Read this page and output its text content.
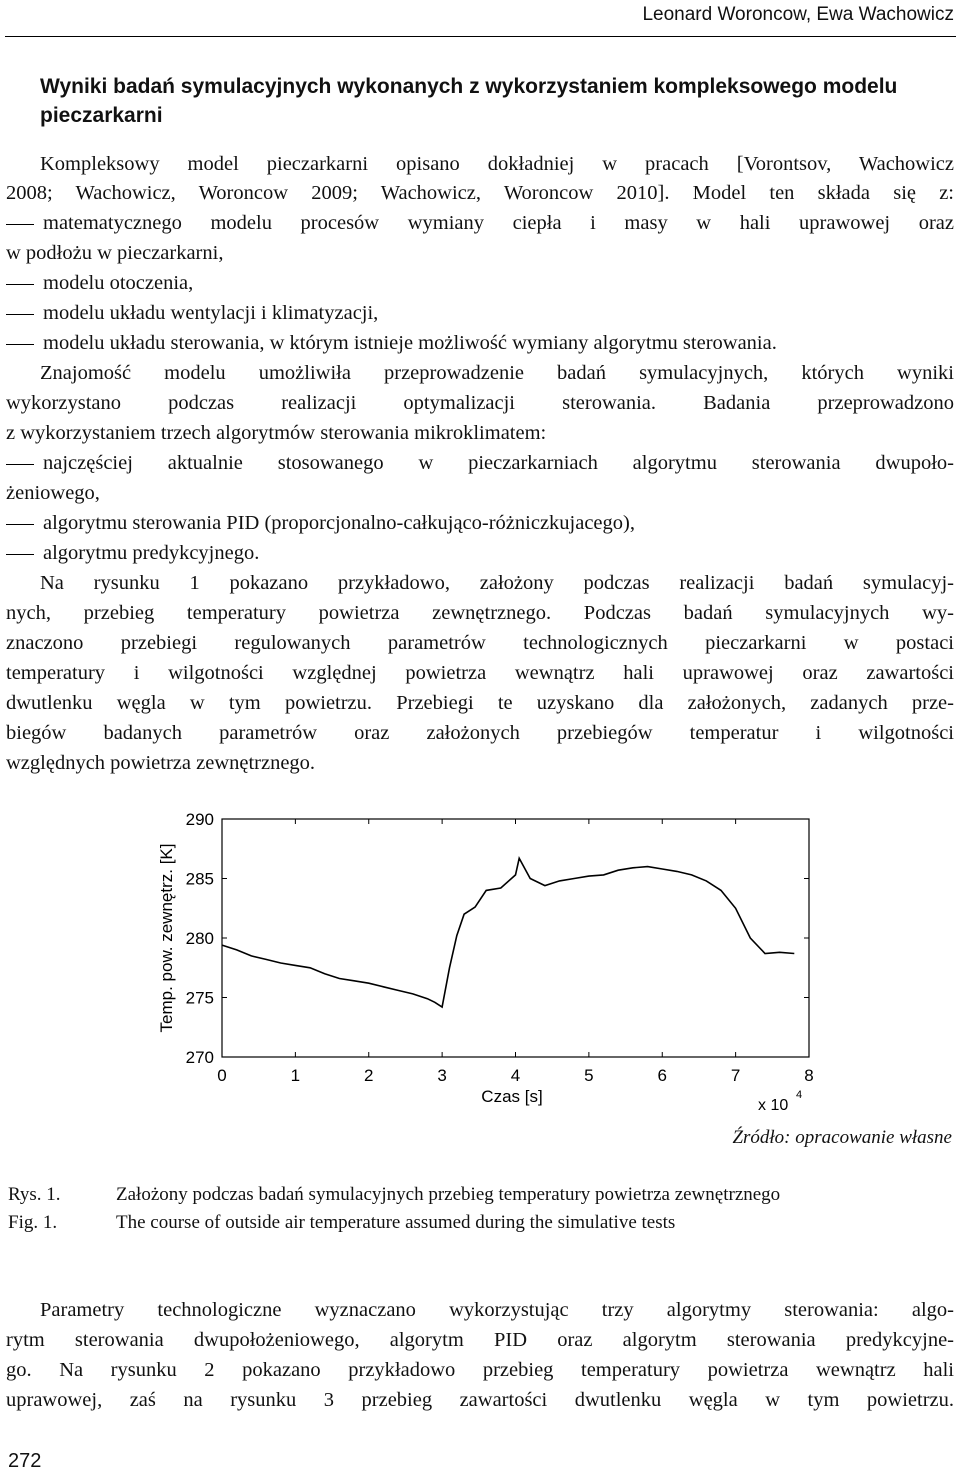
Leonard Woroncow, Ewa Wachowicz
Wyniki badań symulacyjnych wykonanych z wykorzystaniem kompleksowego modelu pieczarkarni
Kompleksowy model pieczarkarni opisano dokładniej w pracach [Vorontsov, Wachowicz
2008; Wachowicz, Woroncow 2009; Wachowicz, Woroncow 2010]. Model ten składa się z:
matematycznego modelu procesów wymiany ciepła i masy w hali uprawowej oraz
w podłożu w pieczarkarni,
modelu otoczenia,
modelu układu wentylacji i klimatyzacji,
modelu układu sterowania, w którym istnieje możliwość wymiany algorytmu sterowania.
Znajomość modelu umożliwiła przeprowadzenie badań symulacyjnych, których wyniki
wykorzystano podczas realizacji optymalizacji sterowania. Badania przeprowadzono
z wykorzystaniem trzech algorytmów sterowania mikroklimatem:
najczęściej aktualnie stosowanego w pieczarkarniach algorytmu sterowania dwupoło-
żeniowego,
algorytmu sterowania PID (proporcjonalno-całkująco-różniczkujacego),
algorytmu predykcyjnego.
Na rysunku 1 pokazano przykładowo, założony podczas realizacji badań symulacyj-
nych, przebieg temperatury powietrza zewnętrznego. Podczas badań symulacyjnych wy-
znaczono przebiegi regulowanych parametrów technologicznych pieczarkarni w postaci
temperatury i wilgotności względnej powietrza wewnątrz hali uprawowej oraz zawartości
dwutlenku węgla w tym powietrzu. Przebiegi te uzyskano dla założonych, zadanych prze-
biegów badanych parametrów oraz założonych przebiegów temperatur i wilgotności
względnych powietrza zewnętrznego.
0	1	2	3	4	5	6	7	8
270
275
280
285
290
Czas [s]
Temp. pow. zewnętrz. [K]
x 10
4
Źródło: opracowanie własne
Rys. 1.	Założony podczas badań symulacyjnych przebieg temperatury powietrza zewnętrznego
Fig. 1.	The course of outside air temperature assumed during the simulative tests
Parametry technologiczne wyznaczano wykorzystując trzy algorytmy sterowania: algo-
rytm sterowania dwupołożeniowego, algorytm PID oraz algorytm sterowania predykcyjne-
go. Na rysunku 2 pokazano przykładowo przebieg temperatury powietrza wewnątrz hali
uprawowej, zaś na rysunku 3 przebieg zawartości dwutlenku węgla w tym powietrzu.
272
